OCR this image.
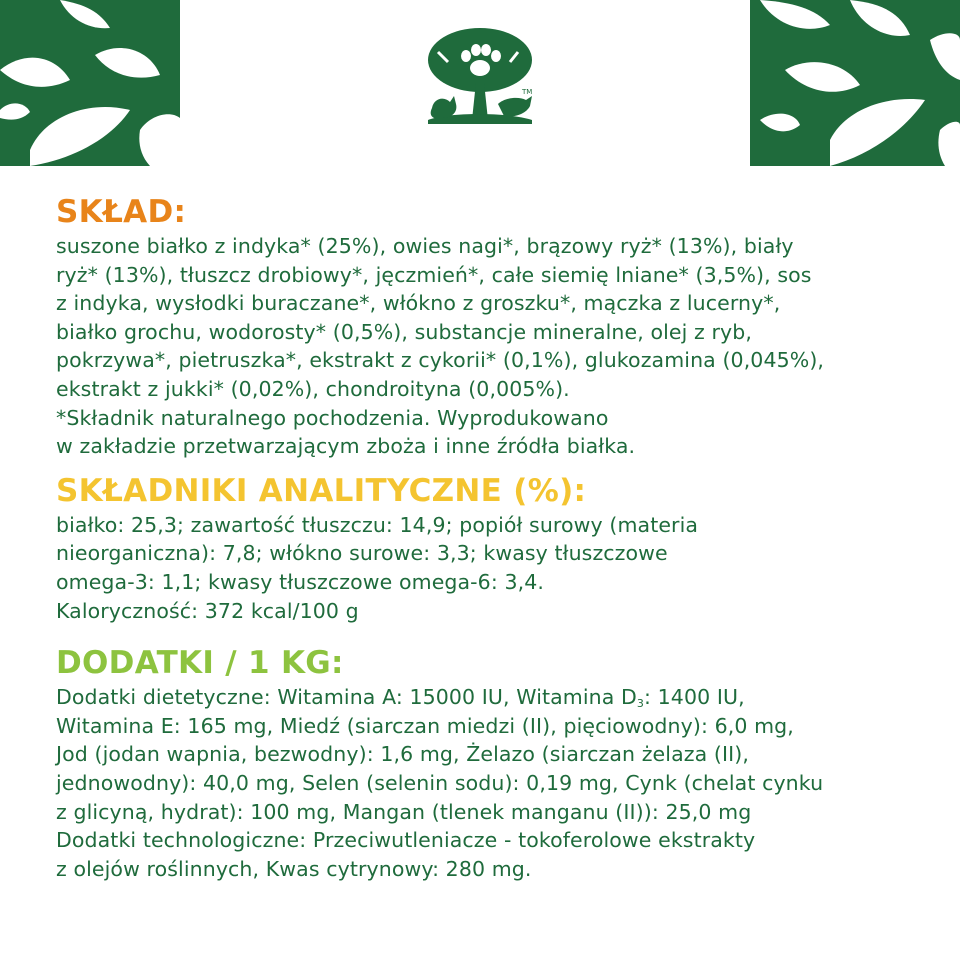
TM
SKŁAD:

suszone białko z indyka* (25%), owies nagi*, brązowy ryż* (13%), biały
ryż* (13%), tłuszcz drobiowy*, jęczmień*, całe siemię lniane* (3,5%), sos
z indyka, wysłodki buraczane*, włókno z groszku*, mączka z lucerny*,
białko grochu, wodorosty* (0,5%), substancje mineralne, olej z ryb,
pokrzywa*, pietruszka*, ekstrakt z cykorii* (0,1%), glukozamina (0,045%),
ekstrakt z jukki* (0,02%), chondroityna (0,005%).
*Składnik naturalnego pochodzenia. Wyprodukowano
w zakładzie przetwarzającym zboża i inne źródła białka.

SKŁADNIKI ANALITYCZNE (%):

białko: 25,3; zawartość tłuszczu: 14,9; popiół surowy (materia
nieorganiczna): 7,8; włókno surowe: 3,3; kwasy tłuszczowe
omega-3: 1,1; kwasy tłuszczowe omega-6: 3,4.
Kaloryczność: 372 kcal/100 g

DODATKI / 1 KG:

Dodatki dietetyczne: Witamina A: 15000 IU, Witamina $D_3$: 1400 IU,
Witamina E: 165 mg, Miedź (siarczan miedzi (II), pięciowodny): 6,0 mg,
Jod (jodan wapnia, bezwodny): 1,6 mg, Żelazo (siarczan żelaza (II),
jednowodny): 40,0 mg, Selen (selenin sodu): 0,19 mg, Cynk (chelat cynku
z glicyną, hydrat): 100 mg, Mangan (tlenek manganu (II)): 25,0 mg
Dodatki technologiczne: Przeciwutleniacze - tokoferolowe ekstrakty
z olejów roślinnych, Kwas cytrynowy: 280 mg.
